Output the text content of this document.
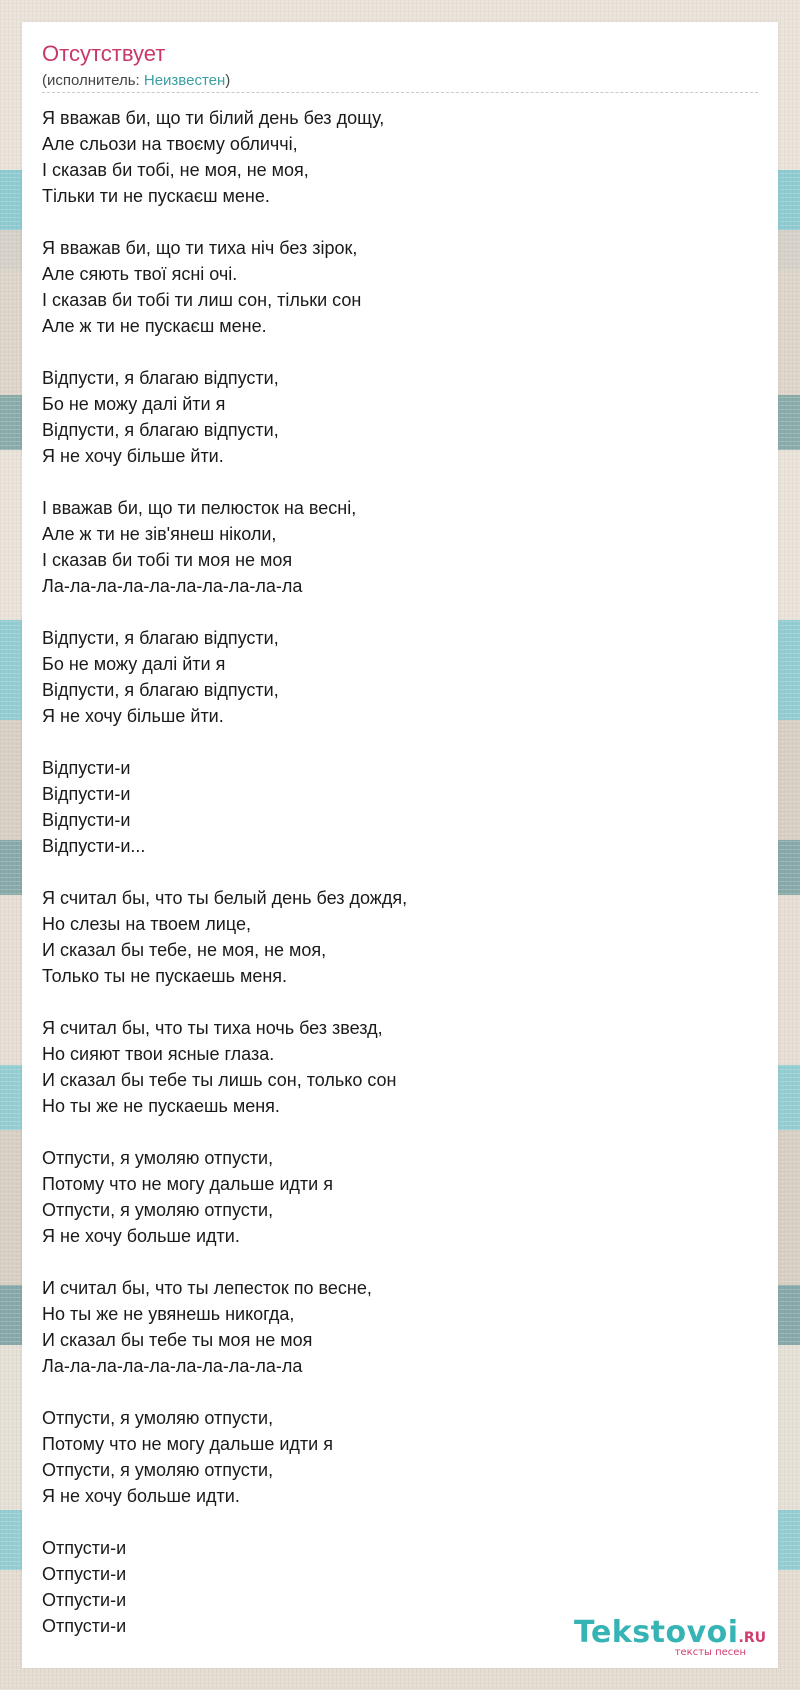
Отсутствует
(исполнитель: Неизвестен)
Я вважав би, що ти білий день без дощу,
Але сльози на твоєму обличчі,
І сказав би тобі, не моя, не моя,
Тільки ти не пускаєш мене.
Я вважав би, що ти тиха ніч без зірок,
Але сяють твої ясні очі.
І сказав би тобі ти лиш сон, тільки сон
Але ж ти не пускаєш мене.
Відпусти, я благаю відпусти,
Бо не можу далі йти я
Відпусти, я благаю відпусти,
Я не хочу більше йти.
І вважав би, що ти пелюсток на весні,
Але ж ти не зів'янеш ніколи,
І сказав би тобі ти моя не моя
Ла-ла-ла-ла-ла-ла-ла-ла-ла-ла
Відпусти, я благаю відпусти,
Бо не можу далі йти я
Відпусти, я благаю відпусти,
Я не хочу більше йти.
Відпусти-и
Відпусти-и
Відпусти-и
Відпусти-и...
Я считал бы, что ты белый день без дождя,
Но слезы на твоем лице,
И сказал бы тебе, не моя, не моя,
Только ты не пускаешь меня.
Я считал бы, что ты тиха ночь без звезд,
Но сияют твои ясные глаза.
И сказал бы тебе ты лишь сон, только сон
Но ты же не пускаешь меня.
Отпусти, я умоляю отпусти,
Потому что не могу дальше идти я
Отпусти, я умоляю отпусти,
Я не хочу больше идти.
И считал бы, что ты лепесток по весне,
Но ты же не увянешь никогда,
И сказал бы тебе ты моя не моя
Ла-ла-ла-ла-ла-ла-ла-ла-ла-ла
Отпусти, я умоляю отпусти,
Потому что не могу дальше идти я
Отпусти, я умоляю отпусти,
Я не хочу больше идти.
Отпусти-и
Отпусти-и
Отпусти-и
Отпусти-и	Tekstovoi.RU
тексты песен
